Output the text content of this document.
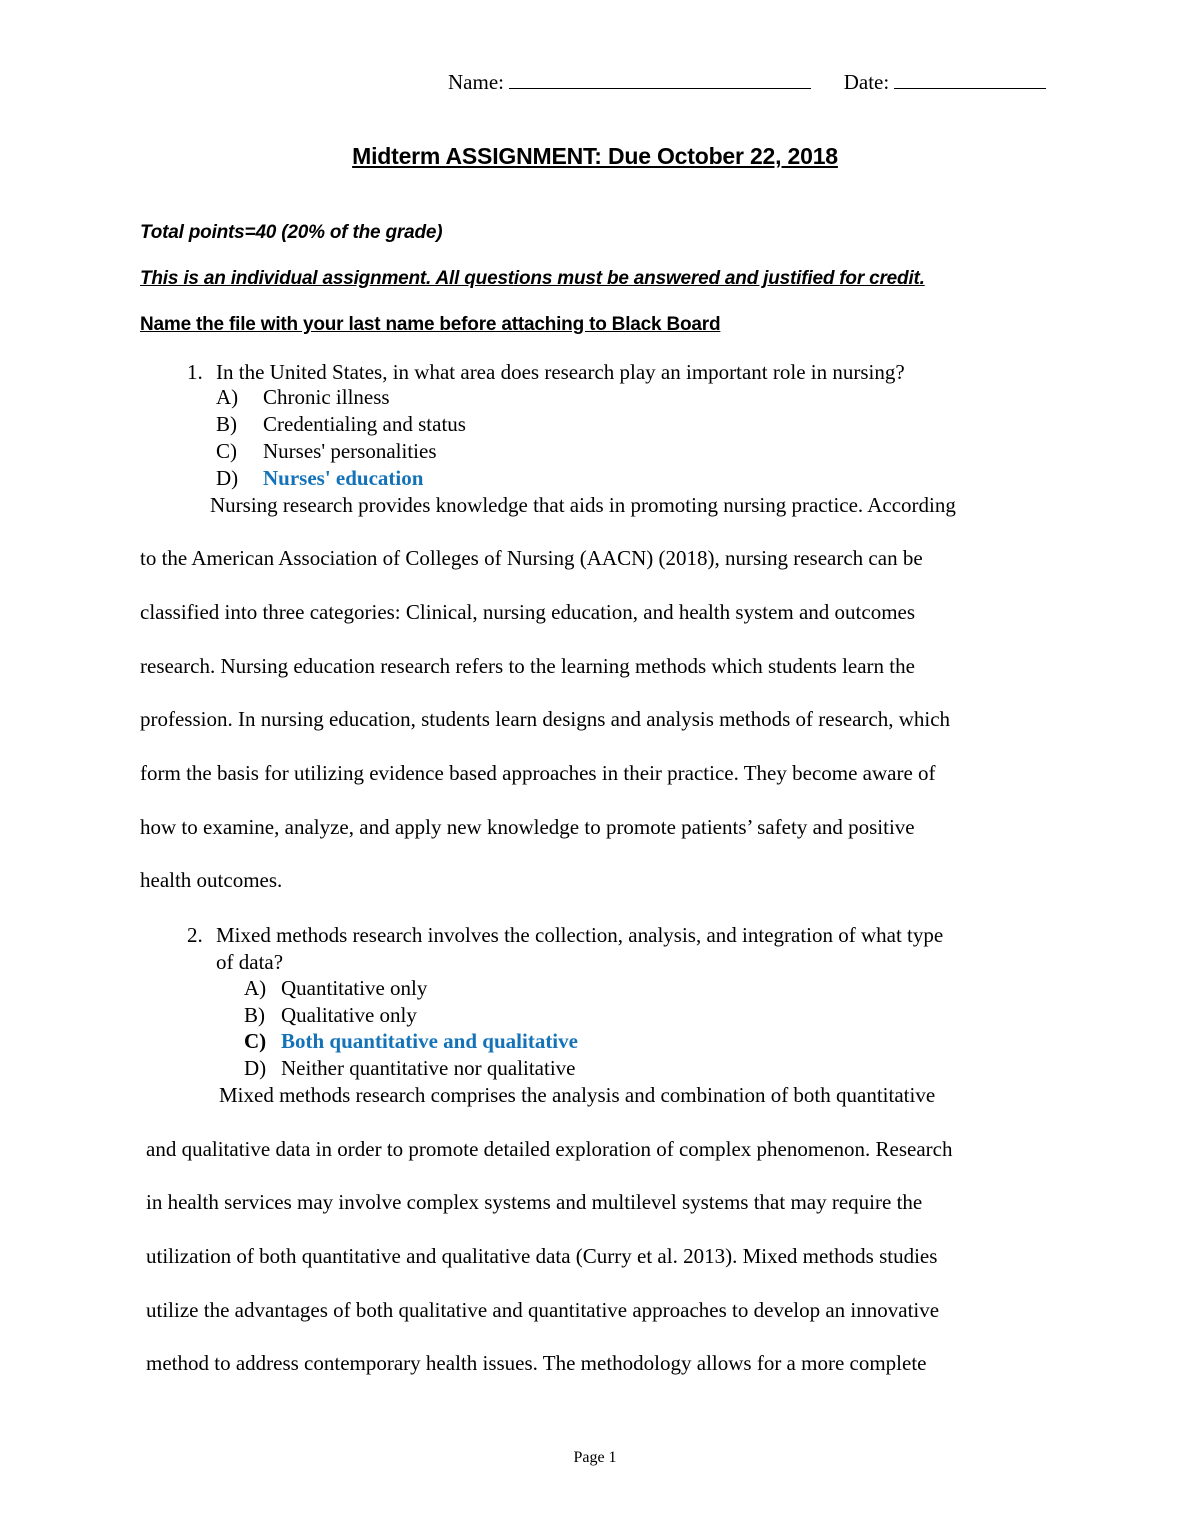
Name:	Date:
Midterm ASSIGNMENT: Due October 22, 2018
Total points=40 (20% of the grade)
This is an individual assignment. All questions must be answered and justified for credit.
Name the file with your last name before attaching to Black Board
1. In the United States, in what area does research play an important role in nursing?
A) Chronic illness
B) Credentialing and status
C) Nurses' personalities
D) Nurses' education
Nursing research provides knowledge that aids in promoting nursing practice. According
to the American Association of Colleges of Nursing (AACN) (2018), nursing research can be
classified into three categories: Clinical, nursing education, and health system and outcomes
research. Nursing education research refers to the learning methods which students learn the
profession. In nursing education, students learn designs and analysis methods of research, which
form the basis for utilizing evidence based approaches in their practice. They become aware of
how to examine, analyze, and apply new knowledge to promote patients’ safety and positive
health outcomes.
2. Mixed methods research involves the collection, analysis, and integration of what type
of data?
A) Quantitative only
B) Qualitative only
C) Both quantitative and qualitative
D) Neither quantitative nor qualitative
Mixed methods research comprises the analysis and combination of both quantitative
and qualitative data in order to promote detailed exploration of complex phenomenon. Research
in health services may involve complex systems and multilevel systems that may require the
utilization of both quantitative and qualitative data (Curry et al. 2013). Mixed methods studies
utilize the advantages of both qualitative and quantitative approaches to develop an innovative
method to address contemporary health issues. The methodology allows for a more complete
Page 1
